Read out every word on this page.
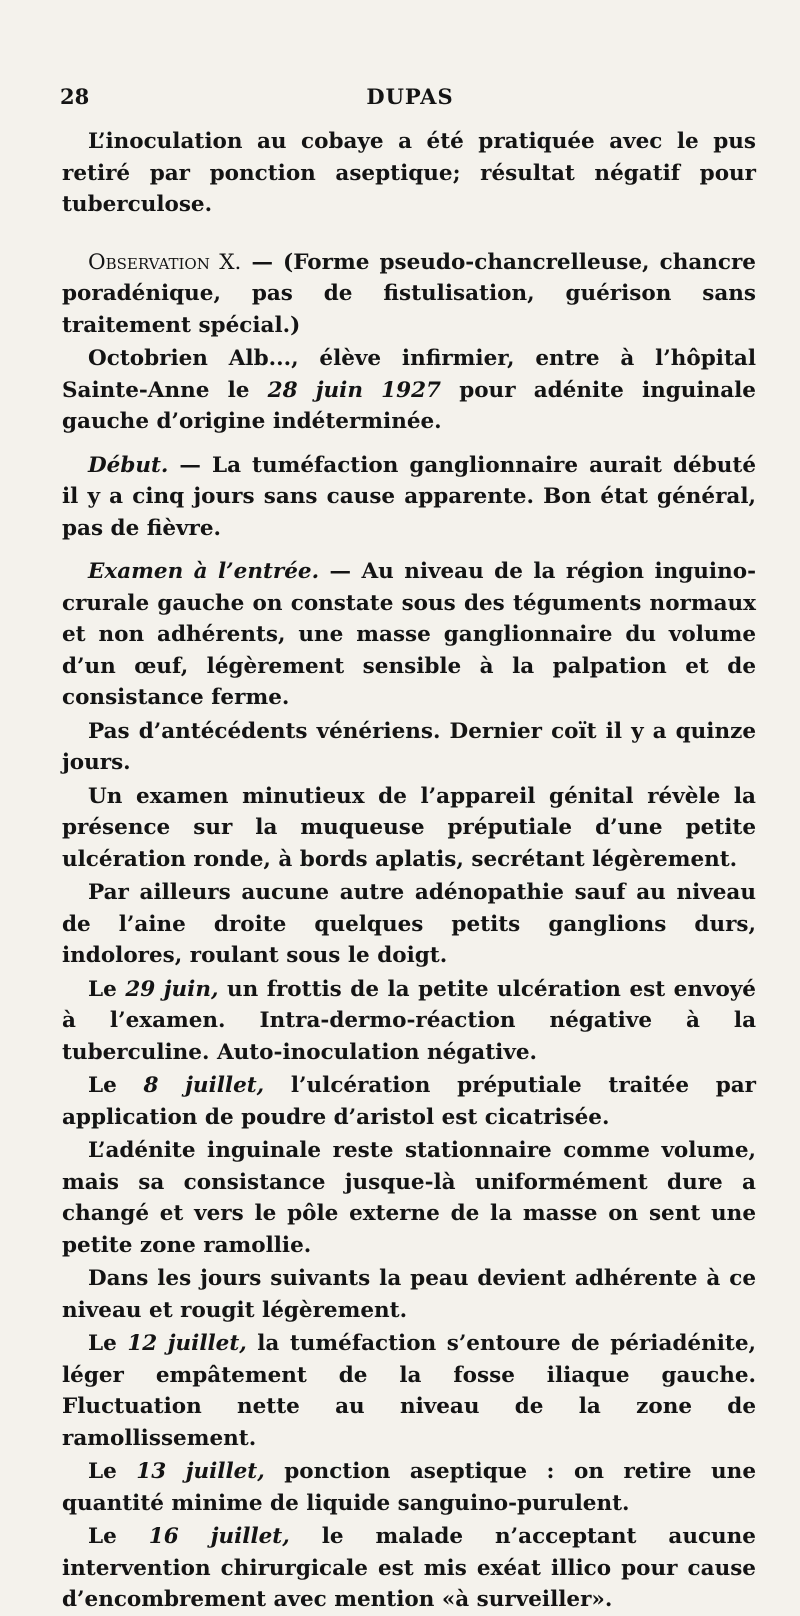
28	DUPAS

L’inoculation au cobaye a été pratiquée avec le pus retiré par ponction aseptique; résultat négatif pour tuberculose.

Observation X. — (Forme pseudo-chancrelleuse, chancre poradénique, pas de fistulisation, guérison sans traitement spécial.)

Octobrien Alb..., élève infirmier, entre à l’hôpital Sainte-Anne le 28 juin 1927 pour adénite inguinale gauche d’origine indéterminée.

Début. — La tuméfaction ganglionnaire aurait débuté il y a cinq jours sans cause apparente. Bon état général, pas de fièvre.

Examen à l’entrée. — Au niveau de la région inguino-crurale gauche on constate sous des téguments normaux et non adhérents, une masse ganglionnaire du volume d’un œuf, légèrement sensible à la palpation et de consistance ferme.

Pas d’antécédents vénériens. Dernier coït il y a quinze jours.

Un examen minutieux de l’appareil génital révèle la présence sur la muqueuse préputiale d’une petite ulcération ronde, à bords aplatis, secrétant légèrement.

Par ailleurs aucune autre adénopathie sauf au niveau de l’aine droite quelques petits ganglions durs, indolores, roulant sous le doigt.

Le 29 juin, un frottis de la petite ulcération est envoyé à l’examen. Intra-dermo-réaction négative à la tuberculine. Auto-inoculation négative.

Le 8 juillet, l’ulcération préputiale traitée par application de poudre d’aristol est cicatrisée.

L’adénite inguinale reste stationnaire comme volume, mais sa consistance jusque-là uniformément dure a changé et vers le pôle externe de la masse on sent une petite zone ramollie.

Dans les jours suivants la peau devient adhérente à ce niveau et rougit légèrement.

Le 12 juillet, la tuméfaction s’entoure de périadénite, léger empâtement de la fosse iliaque gauche. Fluctuation nette au niveau de la zone de ramollissement.

Le 13 juillet, ponction aseptique : on retire une quantité minime de liquide sanguino-purulent.

Le 16 juillet, le malade n’acceptant aucune intervention chirurgicale est mis exéat illico pour cause d’encombrement avec mention «à surveiller».
